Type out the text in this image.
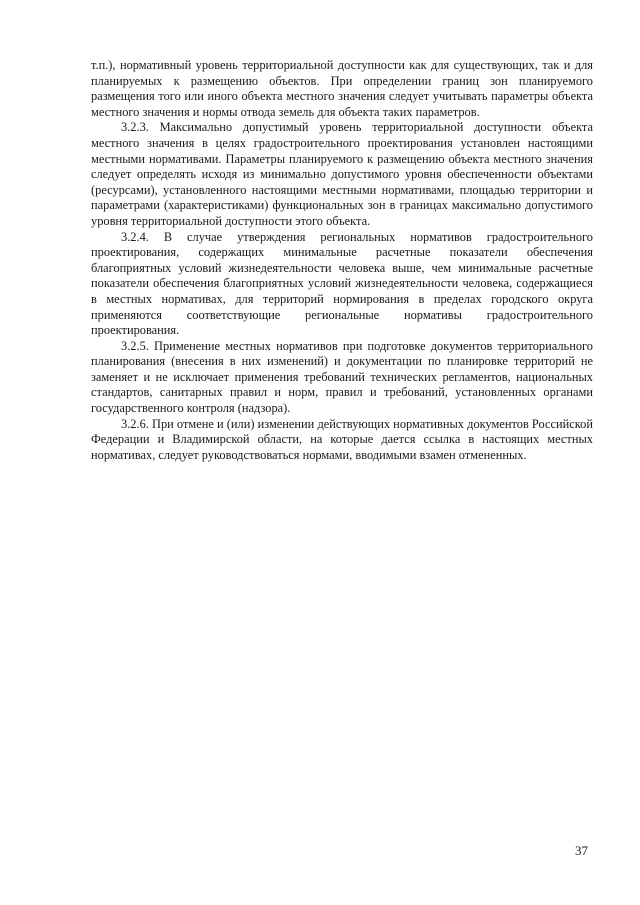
т.п.), нормативный уровень территориальной доступности как для существующих, так и для планируемых к размещению объектов. При определении границ зон планируемого размещения того или иного объекта местного значения следует учитывать параметры объекта местного значения и нормы отвода земель для объекта таких параметров.

3.2.3. Максимально допустимый уровень территориальной доступности объекта местного значения в целях градостроительного проектирования установлен настоящими местными нормативами. Параметры планируемого к размещению объекта местного значения следует определять исходя из минимально допустимого уровня обеспеченности объектами (ресурсами), установленного настоящими местными нормативами, площадью территории и параметрами (характеристиками) функциональных зон в границах максимально допустимого уровня территориальной доступности этого объекта.

3.2.4. В случае утверждения региональных нормативов градостроительного проектирования, содержащих минимальные расчетные показатели обеспечения благоприятных условий жизнедеятельности человека выше, чем минимальные расчетные показатели обеспечения благоприятных условий жизнедеятельности человека, содержащиеся в местных нормативах, для территорий нормирования в пределах городского округа применяются соответствующие региональные нормативы градостроительного проектирования.

3.2.5. Применение местных нормативов при подготовке документов территориального планирования (внесения в них изменений) и документации по планировке территорий не заменяет и не исключает применения требований технических регламентов, национальных стандартов, санитарных правил и норм, правил и требований, установленных органами государственного контроля (надзора).

3.2.6. При отмене и (или) изменении действующих нормативных документов Российской Федерации и Владимирской области, на которые дается ссылка в настоящих местных нормативах, следует руководствоваться нормами, вводимыми взамен отмененных.

37
